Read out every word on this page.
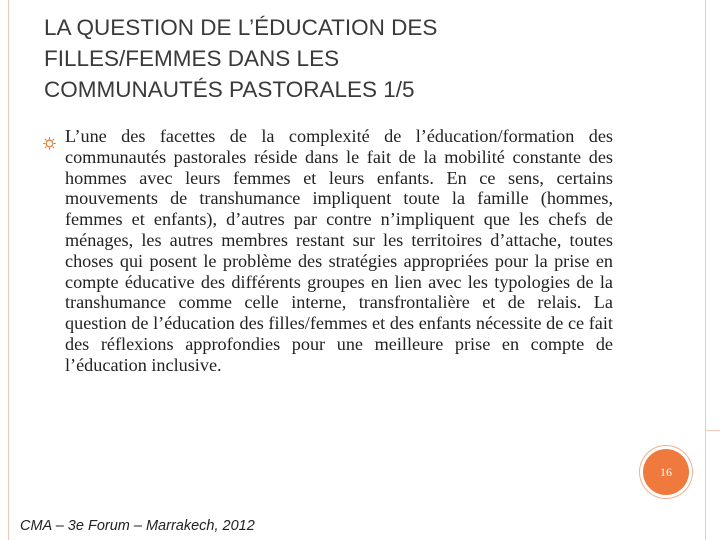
LA QUESTION DE L’ÉDUCATION DES
FILLES/FEMMES DANS LES
COMMUNAUTÉS PASTORALES 1/5

L’une des facettes de la complexité de l’éducation/formation des communautés pastorales réside dans le fait de la mobilité constante des hommes avec leurs femmes et leurs enfants. En ce sens, certains mouvements de transhumance impliquent toute la famille (hommes, femmes et enfants), d’autres par contre n’impliquent que les chefs de ménages, les autres membres restant sur les territoires d’attache, toutes choses qui posent le problème des stratégies appropriées pour la prise en compte éducative des différents groupes en lien avec les typologies de la transhumance comme celle interne, transfrontalière et de relais. La question de l’éducation des filles/femmes et des enfants nécessite de ce fait des réflexions approfondies pour une meilleure prise en compte de l’éducation inclusive.

16

CMA – 3e Forum – Marrakech, 2012
